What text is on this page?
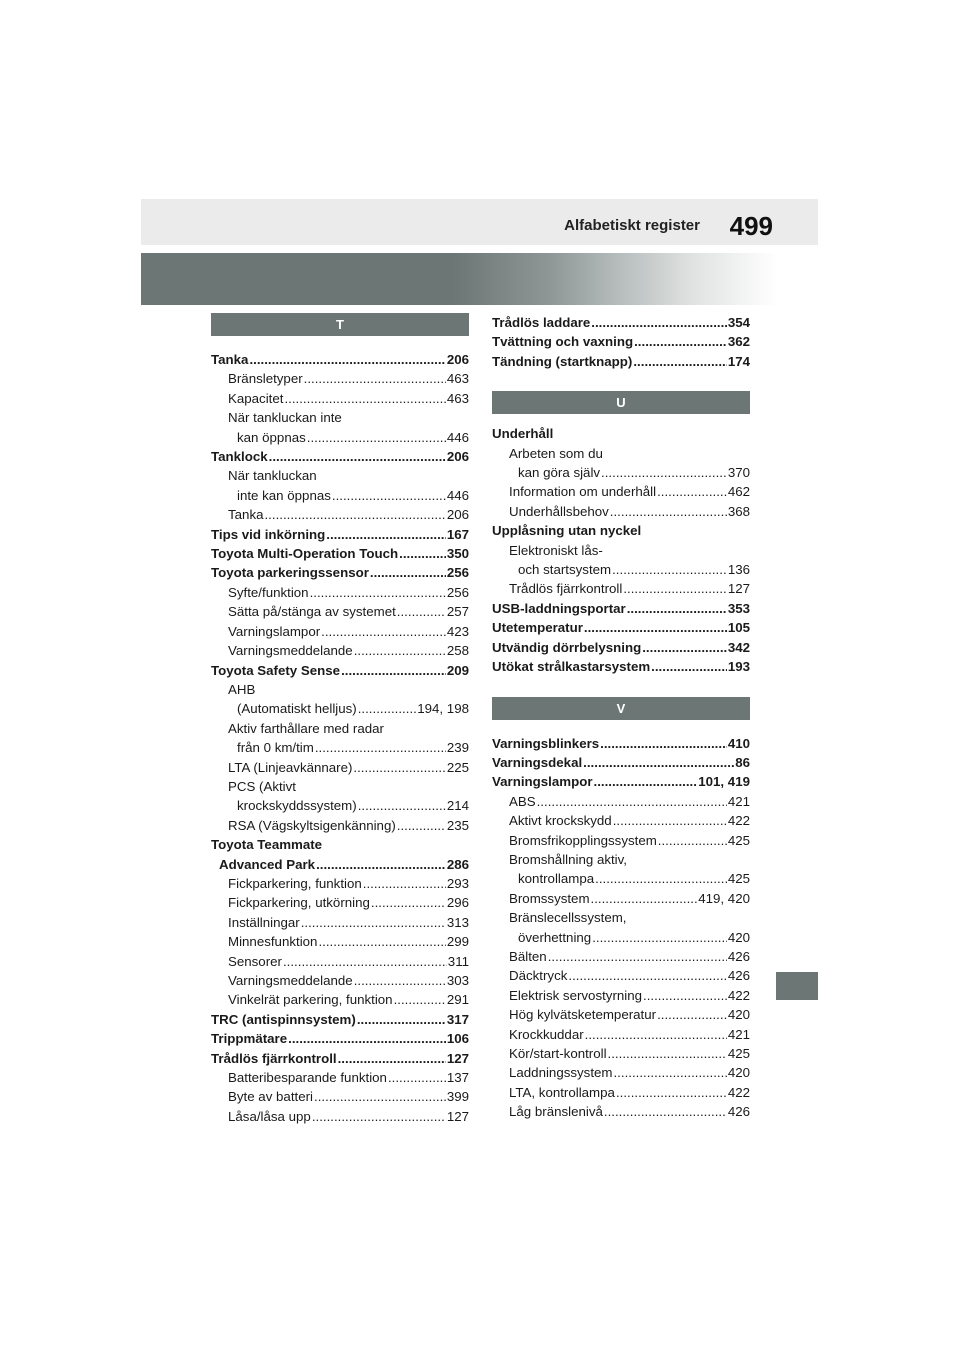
Alfabetiskt register 499
T
Tanka .....	206
Bränsletyper .....	463
Kapacitet .....	463
När tankluckan inte
kan öppnas .....	446
Tanklock .....	206
När tankluckan
inte kan öppnas .....	446
Tanka .....	206
Tips vid inkörning .....	167
Toyota Multi-Operation Touch .....	350
Toyota parkeringssensor .....	256
Syfte/funktion .....	256
Sätta på/stänga av systemet .....	257
Varningslampor .....	423
Varningsmeddelande .....	258
Toyota Safety Sense .....	209
AHB
(Automatiskt helljus) .....	194, 198
Aktiv farthållare med radar
från 0 km/tim .....	239
LTA (Linjeavkännare) .....	225
PCS (Aktivt
krockskyddssystem) .....	214
RSA (Vägskyltsigenkänning) .....	235
Toyota Teammate
Advanced Park .....	286
Fickparkering, funktion .....	293
Fickparkering, utkörning .....	296
Inställningar .....	313
Minnesfunktion .....	299
Sensorer .....	311
Varningsmeddelande .....	303
Vinkelrät parkering, funktion .....	291
TRC (antispinnsystem) .....	317
Trippmätare .....	106
Trådlös fjärrkontroll .....	127
Batteribesparande funktion .....	137
Byte av batteri .....	399
Låsa/låsa upp .....	127
Trådlös laddare .....	354
Tvättning och vaxning .....	362
Tändning (startknapp) .....	174
U
Underhåll
Arbeten som du
kan göra själv .....	370
Information om underhåll .....	462
Underhållsbehov .....	368
Upplåsning utan nyckel
Elektroniskt lås-
och startsystem .....	136
Trådlös fjärrkontroll .....	127
USB-laddningsportar .....	353
Utetemperatur .....	105
Utvändig dörrbelysning .....	342
Utökat strålkastarsystem .....	193
V
Varningsblinkers .....	410
Varningsdekal .....	86
Varningslampor .....	101, 419
ABS .....	421
Aktivt krockskydd .....	422
Bromsfrikopplingssystem .....	425
Bromshållning aktiv,
kontrollampa .....	425
Bromssystem .....	419, 420
Bränslecellssystem,
överhettning .....	420
Bälten .....	426
Däcktryck .....	426
Elektrisk servostyrning .....	422
Hög kylvätsketemperatur .....	420
Krockkuddar .....	421
Kör/start-kontroll .....	425
Laddningssystem .....	420
LTA, kontrollampa .....	422
Låg bränslenivå .....	426
